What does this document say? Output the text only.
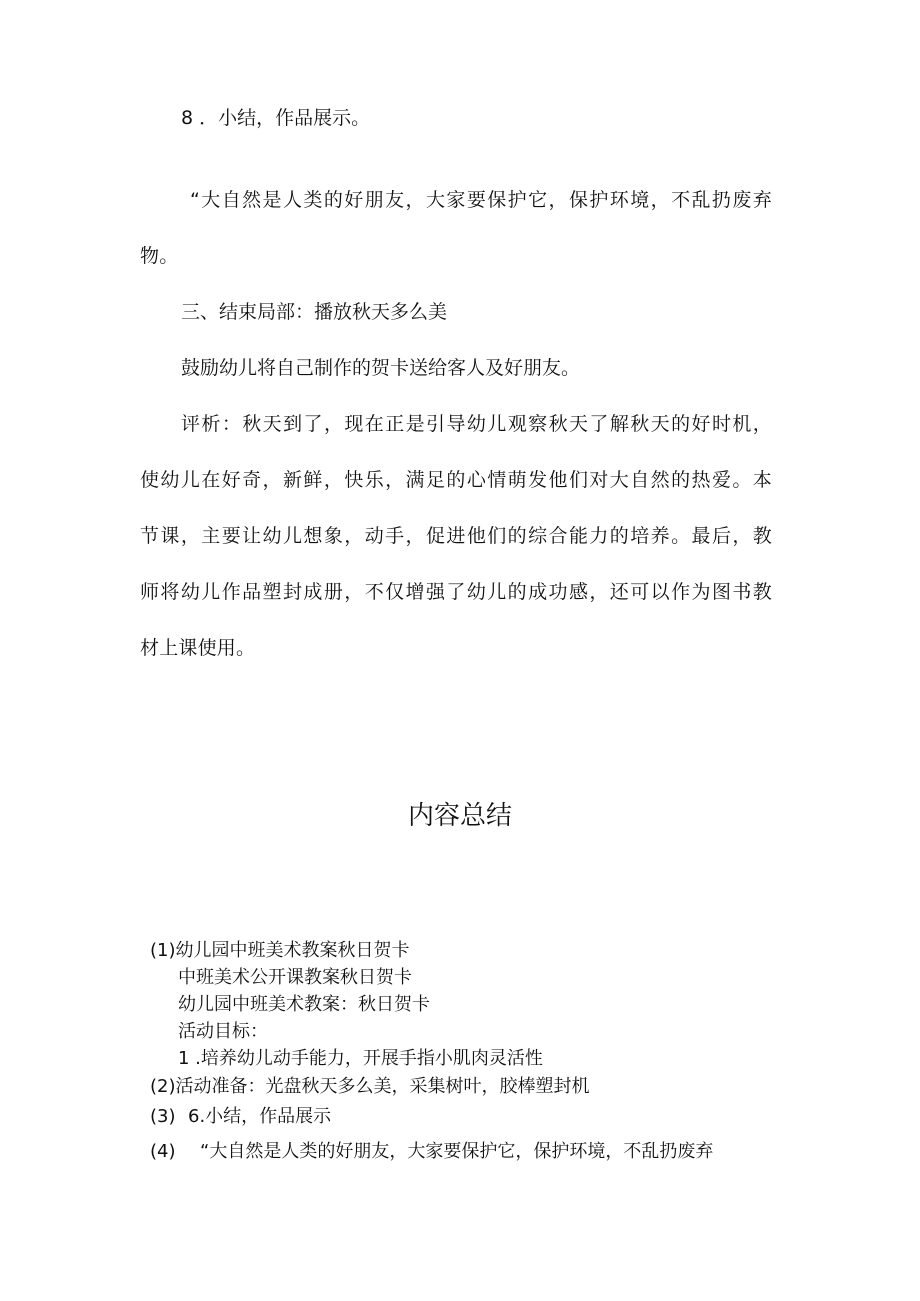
8 ．小结，作品展示。
“大自然是人类的好朋友，大家要保护它，保护环境，不乱扔废弃
物。
三、结束局部：播放秋天多么美
鼓励幼儿将自己制作的贺卡送给客人及好朋友。
评析：秋天到了，现在正是引导幼儿观察秋天了解秋天的好时机，
使幼儿在好奇，新鲜，快乐，满足的心情萌发他们对大自然的热爱。本
节课，主要让幼儿想象，动手，促进他们的综合能力的培养。最后，教
师将幼儿作品塑封成册，不仅增强了幼儿的成功感，还可以作为图书教
材上课使用。
内容总结
(1)幼儿园中班美术教案秋日贺卡
中班美术公开课教案秋日贺卡
幼儿园中班美术教案：秋日贺卡
活动目标：
1 .培养幼儿动手能力，开展手指小肌肉灵活性
(2)活动准备：光盘秋天多么美，采集树叶，胶棒塑封机
(3) 6.小结，作品展示
(4) “大自然是人类的好朋友，大家要保护它，保护环境，不乱扔废弃
